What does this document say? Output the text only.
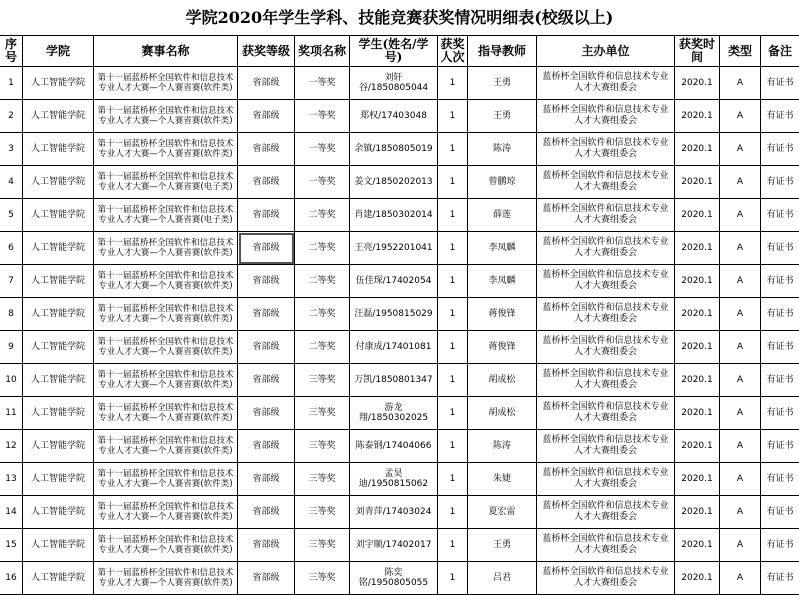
学院2020年学生学科、技能竞赛获奖情况明细表(校级以上)
序号	学院	赛事名称	获奖等级	奖项名称	学生(姓名/学号)	获奖人次	指导教师	主办单位	获奖时间	类型	备注
1	人工智能学院	第十一届蓝桥杯全国软件和信息技术专业人才大赛—个人赛省赛(软件类)	省部级	一等奖	刘轩谷/1850805044	1	王勇	蓝桥杯全国软件和信息技术专业人才大赛组委会	2020.1	A	有证书
2	人工智能学院	第十一届蓝桥杯全国软件和信息技术专业人才大赛—个人赛省赛(软件类)	省部级	一等奖	郑权/17403048	1	王勇	蓝桥杯全国软件和信息技术专业人才大赛组委会	2020.1	A	有证书
3	人工智能学院	第十一届蓝桥杯全国软件和信息技术专业人才大赛—个人赛省赛(软件类)	省部级	一等奖	余镇/1850805019	1	陈涛	蓝桥杯全国软件和信息技术专业人才大赛组委会	2020.1	A	有证书
4	人工智能学院	第十一届蓝桥杯全国软件和信息技术专业人才大赛—个人赛省赛(电子类)	省部级	一等奖	姜文/1850202013	1	曾鹏琼	蓝桥杯全国软件和信息技术专业人才大赛组委会	2020.1	A	有证书
5	人工智能学院	第十一届蓝桥杯全国软件和信息技术专业人才大赛—个人赛省赛(电子类)	省部级	二等奖	肖建/1850302014	1	薛莲	蓝桥杯全国软件和信息技术专业人才大赛组委会	2020.1	A	有证书
6	人工智能学院	第十一届蓝桥杯全国软件和信息技术专业人才大赛—个人赛省赛(软件类)	省部级	二等奖	王亮/1952201041	1	李凤麟	蓝桥杯全国软件和信息技术专业人才大赛组委会	2020.1	A	有证书
7	人工智能学院	第十一届蓝桥杯全国软件和信息技术专业人才大赛—个人赛省赛(软件类)	省部级	二等奖	伍佳琛/17402054	1	李凤麟	蓝桥杯全国软件和信息技术专业人才大赛组委会	2020.1	A	有证书
8	人工智能学院	第十一届蓝桥杯全国软件和信息技术专业人才大赛—个人赛省赛(软件类)	省部级	二等奖	汪磊/1950815029	1	蒋俊锋	蓝桥杯全国软件和信息技术专业人才大赛组委会	2020.1	A	有证书
9	人工智能学院	第十一届蓝桥杯全国软件和信息技术专业人才大赛—个人赛省赛(软件类)	省部级	二等奖	付康成/17401081	1	蒋俊锋	蓝桥杯全国软件和信息技术专业人才大赛组委会	2020.1	A	有证书
10	人工智能学院	第十一届蓝桥杯全国软件和信息技术专业人才大赛—个人赛省赛(软件类)	省部级	三等奖	万凯/1850801347	1	胡成松	蓝桥杯全国软件和信息技术专业人才大赛组委会	2020.1	A	有证书
11	人工智能学院	第十一届蓝桥杯全国软件和信息技术专业人才大赛—个人赛省赛(软件类)	省部级	三等奖	游龙翔/1850302025	1	胡成松	蓝桥杯全国软件和信息技术专业人才大赛组委会	2020.1	A	有证书
12	人工智能学院	第十一届蓝桥杯全国软件和信息技术专业人才大赛—个人赛省赛(软件类)	省部级	三等奖	陈泰钢/17404066	1	陈涛	蓝桥杯全国软件和信息技术专业人才大赛组委会	2020.1	A	有证书
13	人工智能学院	第十一届蓝桥杯全国软件和信息技术专业人才大赛—个人赛省赛(软件类)	省部级	三等奖	孟昊迪/1950815062	1	朱婕	蓝桥杯全国软件和信息技术专业人才大赛组委会	2020.1	A	有证书
14	人工智能学院	第十一届蓝桥杯全国软件和信息技术专业人才大赛—个人赛省赛(软件类)	省部级	三等奖	刘青萍/17403024	1	夏宏雷	蓝桥杯全国软件和信息技术专业人才大赛组委会	2020.1	A	有证书
15	人工智能学院	第十一届蓝桥杯全国软件和信息技术专业人才大赛—个人赛省赛(软件类)	省部级	三等奖	刘宇顺/17402017	1	王勇	蓝桥杯全国软件和信息技术专业人才大赛组委会	2020.1	A	有证书
16	人工智能学院	第十一届蓝桥杯全国软件和信息技术专业人才大赛—个人赛省赛(软件类)	省部级	三等奖	陈奕铭/1950805055	1	吕君	蓝桥杯全国软件和信息技术专业人才大赛组委会	2020.1	A	有证书
